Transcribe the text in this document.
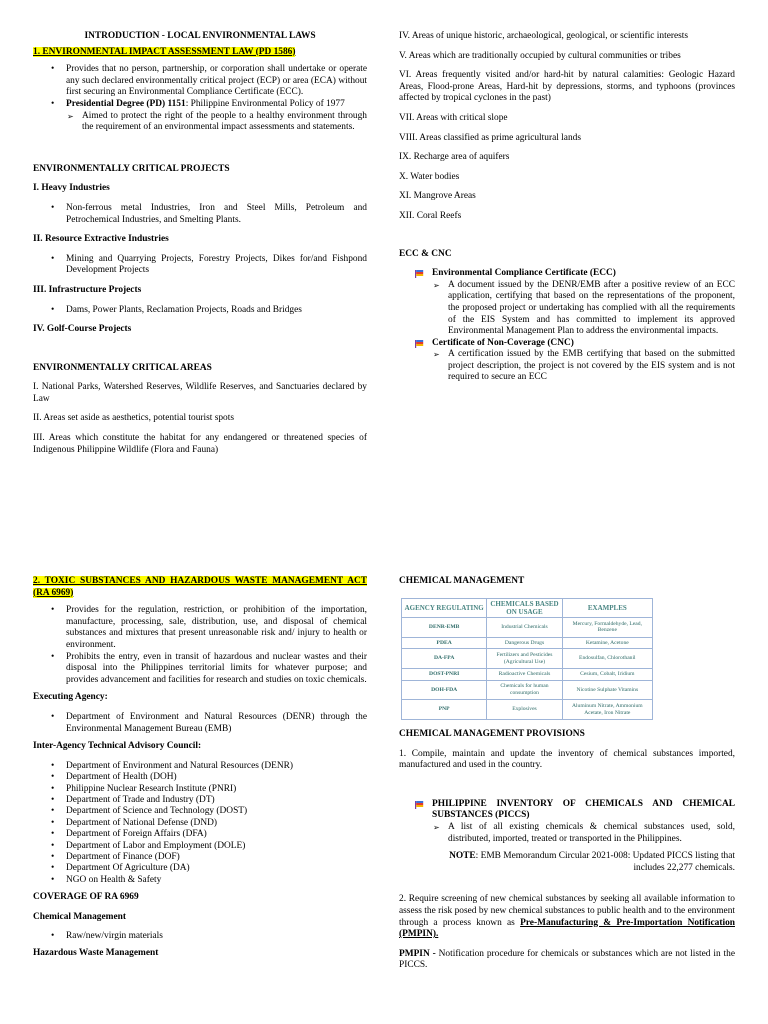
INTRODUCTION - LOCAL ENVIRONMENTAL LAWS

1. ENVIRONMENTAL IMPACT ASSESSMENT LAW (PD 1586)

• Provides that no person, partnership, or corporation shall undertake or operate any such declared environmentally critical project (ECP) or area (ECA) without first securing an Environmental Compliance Certificate (ECC).
• Presidential Degree (PD) 1151: Philippine Environmental Policy of 1977
➢ Aimed to protect the right of the people to a healthy environment through the requirement of an environmental impact assessments and statements.

ENVIRONMENTALLY CRITICAL PROJECTS

I. Heavy Industries

• Non-ferrous metal Industries, Iron and Steel Mills, Petroleum and Petrochemical Industries, and Smelting Plants.

II. Resource Extractive Industries

• Mining and Quarrying Projects, Forestry Projects, Dikes for/and Fishpond Development Projects

III. Infrastructure Projects

• Dams, Power Plants, Reclamation Projects, Roads and Bridges

IV. Golf-Course Projects

ENVIRONMENTALLY CRITICAL AREAS

I. National Parks, Watershed Reserves, Wildlife Reserves, and Sanctuaries declared by Law

II. Areas set aside as aesthetics, potential tourist spots

III. Areas which constitute the habitat for any endangered or threatened species of Indigenous Philippine Wildlife (Flora and Fauna)

IV. Areas of unique historic, archaeological, geological, or scientific interests

V. Areas which are traditionally occupied by cultural communities or tribes

VI. Areas frequently visited and/or hard-hit by natural calamities: Geologic Hazard Areas, Flood-prone Areas, Hard-hit by depressions, storms, and typhoons (provinces affected by tropical cyclones in the past)

VII. Areas with critical slope

VIII. Areas classified as prime agricultural lands

IX. Recharge area of aquifers

X. Water bodies

XI. Mangrove Areas

XII. Coral Reefs

ECC & CNC

Environmental Compliance Certificate (ECC)
➢ A document issued by the DENR/EMB after a positive review of an ECC application, certifying that based on the representations of the proponent, the proposed project or undertaking has complied with all the requirements of the EIS System and has committed to implement its approved Environmental Management Plan to address the environmental impacts.
Certificate of Non-Coverage (CNC)
➢ A certification issued by the EMB certifying that based on the submitted project description, the project is not covered by the EIS system and is not required to secure an ECC

2. TOXIC SUBSTANCES AND HAZARDOUS WASTE MANAGEMENT ACT (RA 6969)

• Provides for the regulation, restriction, or prohibition of the importation, manufacture, processing, sale, distribution, use, and disposal of chemical substances and mixtures that present unreasonable risk and/ injury to health or environment.
• Prohibits the entry, even in transit of hazardous and nuclear wastes and their disposal into the Philippines territorial limits for whatever purpose; and provides advancement and facilities for research and studies on toxic chemicals.

Executing Agency:

• Department of Environment and Natural Resources (DENR) through the Environmental Management Bureau (EMB)

Inter-Agency Technical Advisory Council:

• Department of Environment and Natural Resources (DENR)
• Department of Health (DOH)
• Philippine Nuclear Research Institute (PNRI)
• Department of Trade and Industry (DT)
• Department of Science and Technology (DOST)
• Department of National Defense (DND)
• Department of Foreign Affairs (DFA)
• Department of Labor and Employment (DOLE)
• Department of Finance (DOF)
• Department Of Agriculture (DA)
• NGO on Health & Safety

COVERAGE OF RA 6969

Chemical Management

• Raw/new/virgin materials

Hazardous Waste Management

CHEMICAL MANAGEMENT

AGENCY REGULATING	CHEMICALS BASED ON USAGE	EXAMPLES
DENR-EMB	Industrial Chemicals	Mercury, Formaldehyde, Lead, Benzene
PDEA	Dangerous Drugs	Ketamine, Acetone
DA-FPA	Fertilizers and Pesticides (Agricultural Use)	Endosulfan, Chlorothanil
DOST-PNRI	Radioactive Chemicals	Cesium, Cobalt, Iridium
DOH-FDA	Chemicals for human consumption	Nicotine Sulphate Vitamins
PNP	Explosives	Aluminum Nitrate, Ammonium Acetate, Iron Nitrate

CHEMICAL MANAGEMENT PROVISIONS

1. Compile, maintain and update the inventory of chemical substances imported, manufactured and used in the country.

PHILIPPINE INVENTORY OF CHEMICALS AND CHEMICAL SUBSTANCES (PICCS)
➢ A list of all existing chemicals & chemical substances used, sold, distributed, imported, treated or transported in the Philippines.

NOTE: EMB Memorandum Circular 2021-008: Updated PICCS listing that includes 22,277 chemicals.

2. Require screening of new chemical substances by seeking all available information to assess the risk posed by new chemical substances to public health and to the environment through a process known as Pre-Manufacturing & Pre-Importation Notification (PMPIN).

PMPIN - Notification procedure for chemicals or substances which are not listed in the PICCS.
